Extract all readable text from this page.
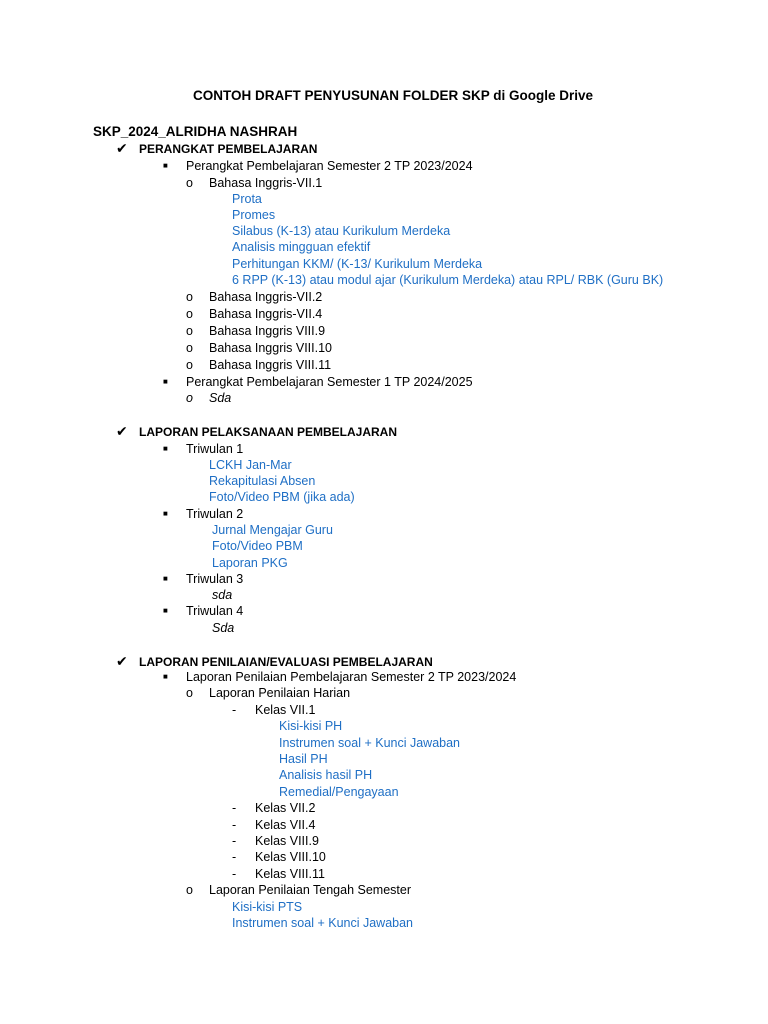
CONTOH DRAFT PENYUSUNAN FOLDER SKP di Google Drive
SKP_2024_ALRIDHA NASHRAH
✔ PERANGKAT PEMBELAJARAN
■ Perangkat Pembelajaran Semester 2 TP 2023/2024
o Bahasa Inggris-VII.1
Prota
Promes
Silabus (K-13) atau Kurikulum Merdeka
Analisis mingguan efektif
Perhitungan KKM/ (K-13/ Kurikulum Merdeka
6 RPP (K-13) atau modul ajar (Kurikulum Merdeka) atau RPL/ RBK (Guru BK)
o Bahasa Inggris-VII.2
o Bahasa Inggris-VII.4
o Bahasa Inggris VIII.9
o Bahasa Inggris VIII.10
o Bahasa Inggris VIII.11
■ Perangkat Pembelajaran Semester 1 TP 2024/2025
o Sda
✔ LAPORAN PELAKSANAAN PEMBELAJARAN
■ Triwulan 1
LCKH Jan-Mar
Rekapitulasi Absen
Foto/Video PBM (jika ada)
■ Triwulan 2
Jurnal Mengajar Guru
Foto/Video PBM
Laporan PKG
■ Triwulan 3
sda
■ Triwulan 4
Sda
✔ LAPORAN PENILAIAN/EVALUASI PEMBELAJARAN
■ Laporan Penilaian Pembelajaran Semester 2 TP 2023/2024
o Laporan Penilaian Harian
- Kelas VII.1
Kisi-kisi PH
Instrumen soal + Kunci Jawaban
Hasil PH
Analisis hasil PH
Remedial/Pengayaan
- Kelas VII.2
- Kelas VII.4
- Kelas VIII.9
- Kelas VIII.10
- Kelas VIII.11
o Laporan Penilaian Tengah Semester
Kisi-kisi PTS
Instrumen soal + Kunci Jawaban
